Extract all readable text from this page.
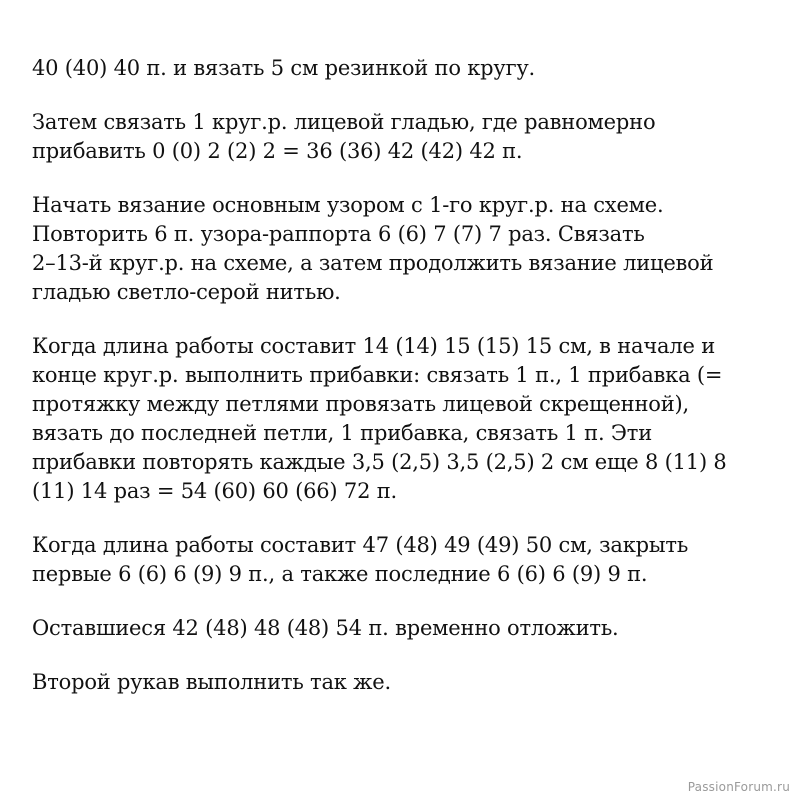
40 (40) 40 п. и вязать 5 см резинкой по кругу.

Затем связать 1 круг.р. лицевой гладью, где равномерно
прибавить 0 (0) 2 (2) 2 = 36 (36) 42 (42) 42 п.

Начать вязание основным узором с 1-го круг.р. на схеме.
Повторить 6 п. узора-раппорта 6 (6) 7 (7) 7 раз. Связать
2–13-й круг.р. на схеме, а затем продолжить вязание лицевой
гладью светло-серой нитью.

Когда длина работы составит 14 (14) 15 (15) 15 см, в начале и
конце круг.р. выполнить прибавки: связать 1 п., 1 прибавка (=
протяжку между петлями провязать лицевой скрещенной),
вязать до последней петли, 1 прибавка, связать 1 п. Эти
прибавки повторять каждые 3,5 (2,5) 3,5 (2,5) 2 см еще 8 (11) 8
(11) 14 раз = 54 (60) 60 (66) 72 п.

Когда длина работы составит 47 (48) 49 (49) 50 см, закрыть
первые 6 (6) 6 (9) 9 п., а также последние 6 (6) 6 (9) 9 п.

Оставшиеся 42 (48) 48 (48) 54 п. временно отложить.

Второй рукав выполнить так же.

PassionForum.ru
